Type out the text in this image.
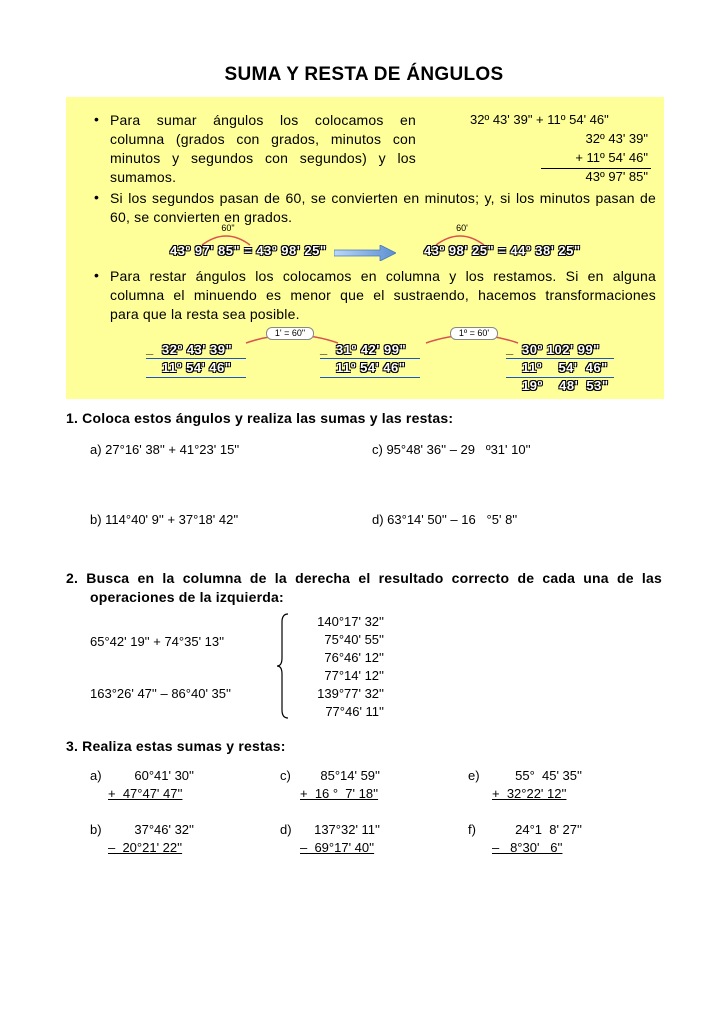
SUMA Y RESTA DE ÁNGULOS
• Para sumar ángulos los colocamos en
columna (grados con grados, minutos con
minutos y segundos con segundos) y los
sumamos.
32º 43' 39" + 11º 54' 46"
32º 43' 39"
+ 11º 54' 46"
43º 97' 85"
• Si los segundos pasan de 60, se convierten en minutos; y, si los minutos pasan de
60, se convierten en grados.
60"
43º 97' 85" = 43º 98' 25"
60'
43º 98' 25" = 44º 38' 25"
• Para restar ángulos los colocamos en columna y los restamos. Si en alguna
columna el minuendo es menor que el sustraendo, hacemos transformaciones
para que la resta sea posible.
_ 32º 43' 39"
11º 54' 46"
1' = 60"
_ 31º 42' 99"
11º 54' 46"
1º = 60'
_ 30º 102' 99"
11º    54'  46"
19º    48'  53"
1. Coloca estos ángulos y realiza las sumas y las restas:
a) 27°16' 38'' + 41°23' 15''	c) 95°48' 36'' – 29   º31' 10''
b) 114°40' 9'' + 37°18' 42''	d) 63°14' 50'' – 16   °5' 8''
2. Busca en la columna de la derecha el resultado correcto de cada una de las
operaciones de la izquierda:
65°42' 19'' + 74°35' 13''
163°26' 47'' – 86°40' 35''
140°17' 32''
75°40' 55''
76°46' 12''
77°14' 12''
139°77' 32''
77°46' 11''
3. Realiza estas sumas y restas:
a)	60°41' 30''
+  47°47' 47''
c)	85°14' 59''
+  16 °  7' 18''
e)	55°  45' 35''
+  32°22' 12''
b)	37°46' 32''
–  20°21' 22''
d)	137°32' 11''
–  69°17' 40''
f)	24°1  8' 27''
–   8°30'   6''
